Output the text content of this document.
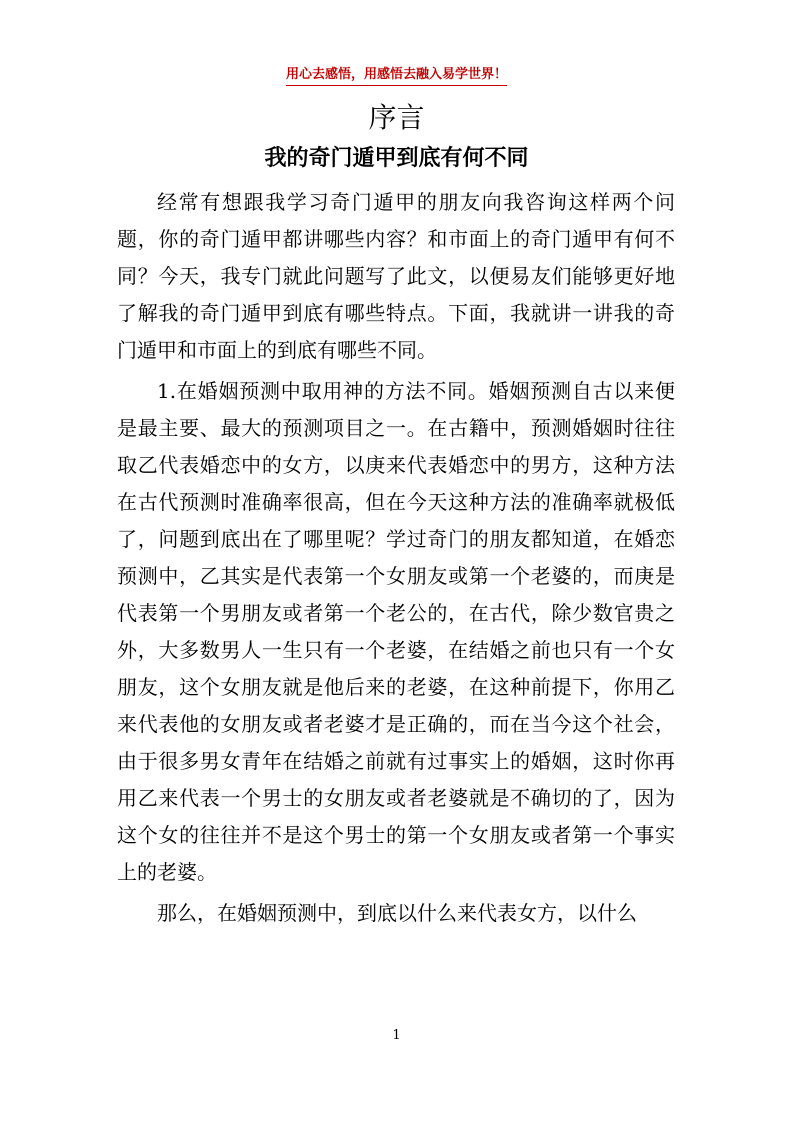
用心去感悟，用感悟去融入易学世界！
序言
我的奇门遁甲到底有何不同

经常有想跟我学习奇门遁甲的朋友向我咨询这样两个问题，你的奇门遁甲都讲哪些内容？和市面上的奇门遁甲有何不同？今天，我专门就此问题写了此文，以便易友们能够更好地了解我的奇门遁甲到底有哪些特点。下面，我就讲一讲我的奇门遁甲和市面上的到底有哪些不同。

1.在婚姻预测中取用神的方法不同。婚姻预测自古以来便是最主要、最大的预测项目之一。在古籍中，预测婚姻时往往取乙代表婚恋中的女方，以庚来代表婚恋中的男方，这种方法在古代预测时准确率很高，但在今天这种方法的准确率就极低了，问题到底出在了哪里呢？学过奇门的朋友都知道，在婚恋预测中，乙其实是代表第一个女朋友或第一个老婆的，而庚是代表第一个男朋友或者第一个老公的，在古代，除少数官贵之外，大多数男人一生只有一个老婆，在结婚之前也只有一个女朋友，这个女朋友就是他后来的老婆，在这种前提下，你用乙来代表他的女朋友或者老婆才是正确的，而在当今这个社会，由于很多男女青年在结婚之前就有过事实上的婚姻，这时你再用乙来代表一个男士的女朋友或者老婆就是不确切的了，因为这个女的往往并不是这个男士的第一个女朋友或者第一个事实上的老婆。

那么，在婚姻预测中，到底以什么来代表女方，以什么

1
